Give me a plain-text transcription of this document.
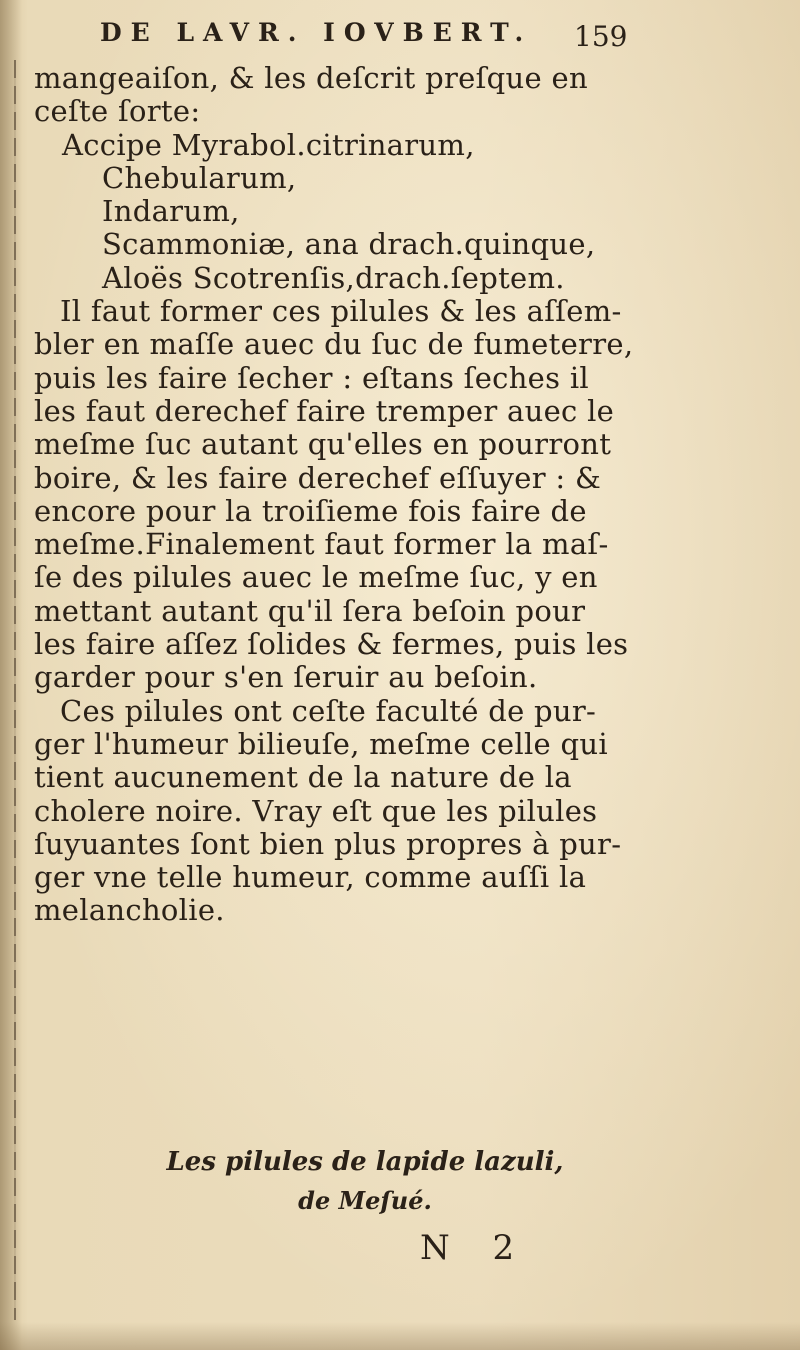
DE LAVR. IOVBERT.	159
mangeaiſon, & les deſcrit preſque en
ceſte ſorte:
Accipe Myrabol.citrinarum,
Chebularum,
Indarum,
Scammoniæ, ana drach.quinque,
Aloës Scotrenſis,drach.ſeptem.
Il faut former ces pilules & les aſſem-
bler en maſſe auec du ſuc de fumeterre,
puis les faire ſecher : eſtans ſeches il
les faut derechef faire tremper auec le
meſme ſuc autant qu'elles en pourront
boire, & les faire derechef eſſuyer : &
encore pour la troiſieme fois faire de
meſme.Finalement faut former la maſ-
ſe des pilules auec le meſme ſuc, y en
mettant autant qu'il ſera beſoin pour
les faire aſſez ſolides & fermes, puis les
garder pour s'en ſeruir au beſoin.
Ces pilules ont ceſte faculté de pur-
ger l'humeur bilieuſe, meſme celle qui
tient aucunement de la nature de la
cholere noire. Vray eſt que les pilules
ſuyuantes ſont bien plus propres à pur-
ger vne telle humeur, comme auſſi la
melancholie.
Les pilules de lapide lazuli,
de Meſué.
N 2
